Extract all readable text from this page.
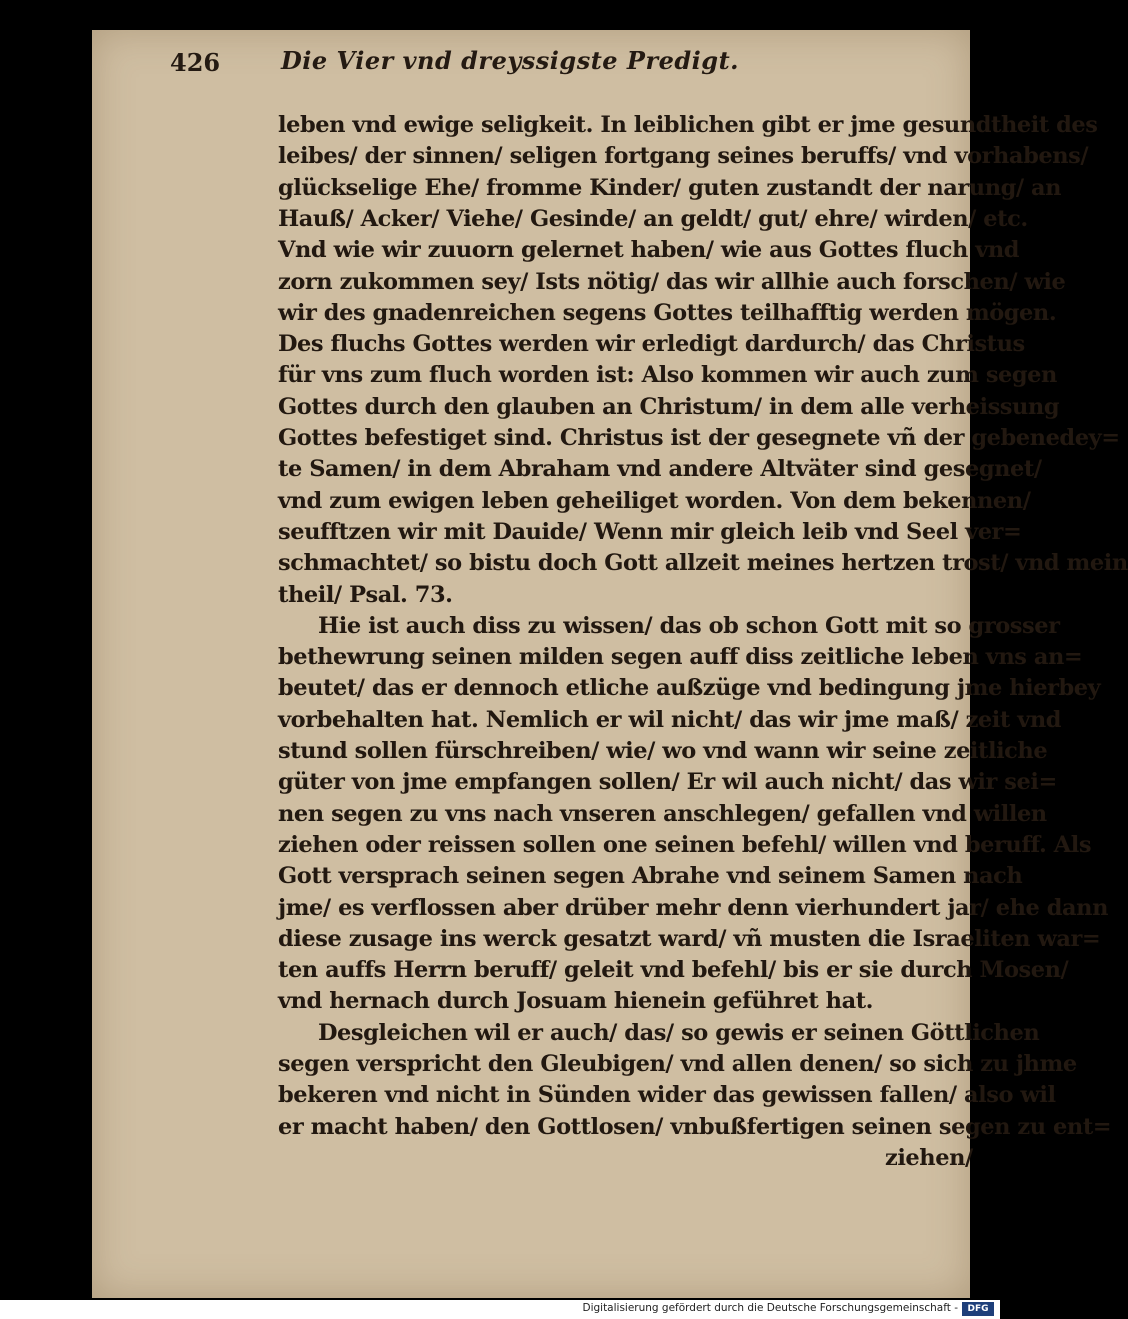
426	Die Vier vnd dreyssigste Predigt.
leben vnd ewige seligkeit. In leiblichen gibt er jme gesundtheit des
leibes/ der sinnen/ seligen fortgang seines beruffs/ vnd vorhabens/
glückselige Ehe/ fromme Kinder/ guten zustandt der narung/ an
Hauß/ Acker/ Viehe/ Gesinde/ an geldt/ gut/ ehre/ wirden/ etc.
Vnd wie wir zuuorn gelernet haben/ wie aus Gottes fluch vnd
zorn zukommen sey/ Ists nötig/ das wir allhie auch forschen/ wie
wir des gnadenreichen segens Gottes teilhafftig werden mögen.
Des fluchs Gottes werden wir erledigt dardurch/ das Christus
für vns zum fluch worden ist: Also kommen wir auch zum segen
Gottes durch den glauben an Christum/ in dem alle verheissung
Gottes befestiget sind. Christus ist der gesegnete vñ der gebenedey=
te Samen/ in dem Abraham vnd andere Altväter sind gesegnet/
vnd zum ewigen leben geheiliget worden. Von dem bekennen/
seufftzen wir mit Dauide/ Wenn mir gleich leib vnd Seel ver=
schmachtet/ so bistu doch Gott allzeit meines hertzen trost/ vnd mein
theil/ Psal. 73.
Hie ist auch diss zu wissen/ das ob schon Gott mit so grosser
bethewrung seinen milden segen auff diss zeitliche leben vns an=
beutet/ das er dennoch etliche außzüge vnd bedingung jme hierbey
vorbehalten hat. Nemlich er wil nicht/ das wir jme maß/ zeit vnd
stund sollen fürschreiben/ wie/ wo vnd wann wir seine zeitliche
güter von jme empfangen sollen/ Er wil auch nicht/ das wir sei=
nen segen zu vns nach vnseren anschlegen/ gefallen vnd willen
ziehen oder reissen sollen one seinen befehl/ willen vnd beruff. Als
Gott versprach seinen segen Abrahe vnd seinem Samen nach
jme/ es verflossen aber drüber mehr denn vierhundert jar/ ehe dann
diese zusage ins werck gesatzt ward/ vñ musten die Israeliten war=
ten auffs Herrn beruff/ geleit vnd befehl/ bis er sie durch Mosen/
vnd hernach durch Josuam hienein geführet hat.
Desgleichen wil er auch/ das/ so gewis er seinen Göttlichen
segen verspricht den Gleubigen/ vnd allen denen/ so sich zu jhme
bekeren vnd nicht in Sünden wider das gewissen fallen/ also wil
er macht haben/ den Gottlosen/ vnbußfertigen seinen segen zu ent=
ziehen/
Digitalisierung gefördert durch die Deutsche Forschungsgemeinschaft -	DFG
